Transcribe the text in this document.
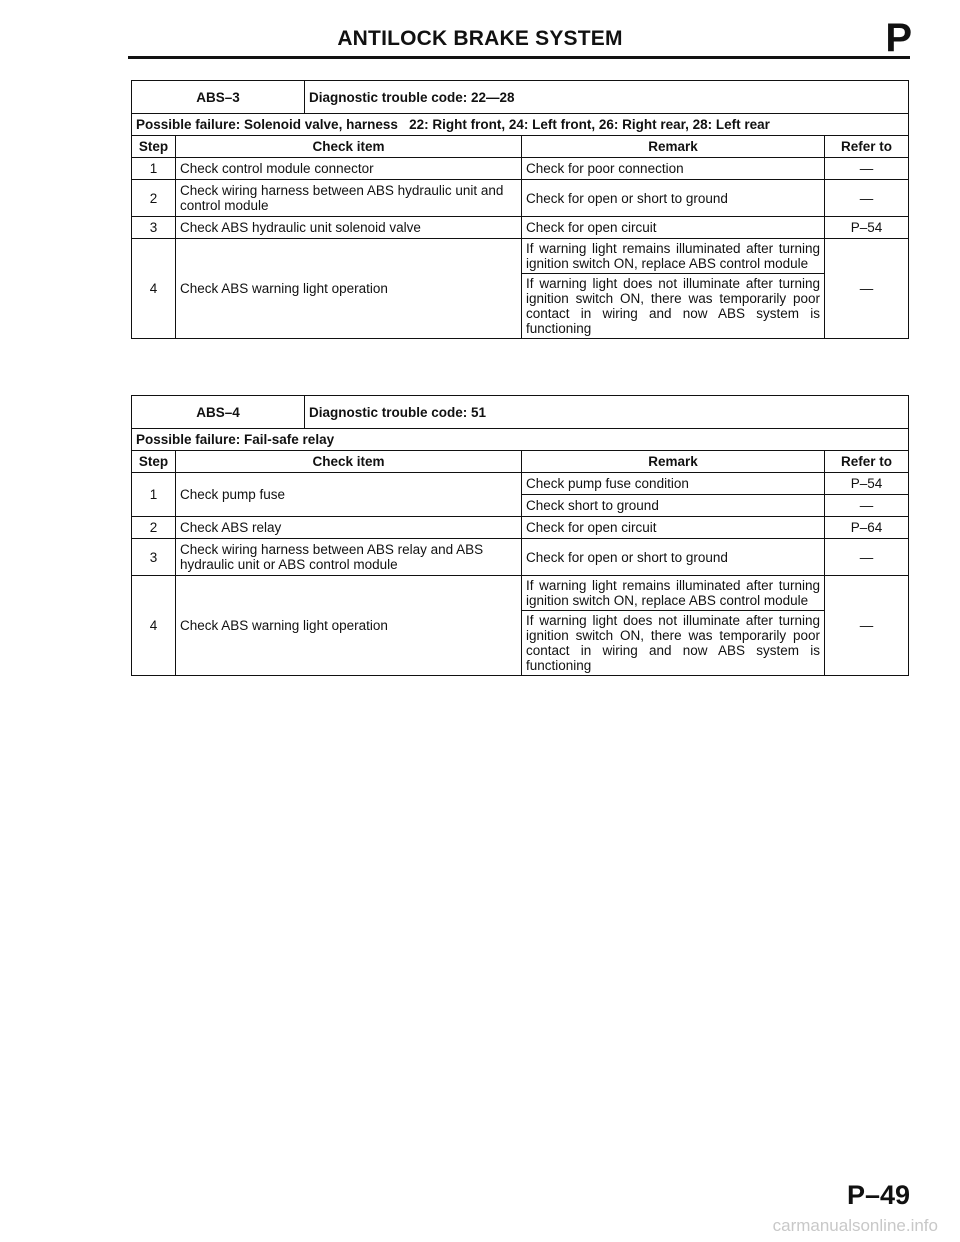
ANTILOCK BRAKE SYSTEM	P
ABS–3		Diagnostic trouble code: 22—28		
Possible failure: Solenoid valve, harness   22: Right front, 24: Left front, 26: Right rear, 28: Left rear				
Step	Check item		Remark	Refer to
1	Check control module connector		Check for poor connection	—
2	Check wiring harness between ABS hydraulic unit and control module		Check for open or short to ground	—
3	Check ABS hydraulic unit solenoid valve		Check for open circuit	P–54
4	Check ABS warning light operation		If warning light remains illuminated after turning ignition switch ON, replace ABS control module	—
			If warning light does not illuminate after turning ignition switch ON, there was temporarily poor contact in wiring and now ABS system is functioning	
ABS–4		Diagnostic trouble code: 51		
Possible failure: Fail-safe relay				
Step	Check item		Remark	Refer to
1	Check pump fuse		Check pump fuse condition	P–54
			Check short to ground	—
2	Check ABS relay		Check for open circuit	P–64
3	Check wiring harness between ABS relay and ABS hydraulic unit or ABS control module		Check for open or short to ground	—
4	Check ABS warning light operation		If warning light remains illuminated after turning ignition switch ON, replace ABS control module	—
			If warning light does not illuminate after turning ignition switch ON, there was temporarily poor contact in wiring and now ABS system is functioning	
P–49
carmanualsonline.info
